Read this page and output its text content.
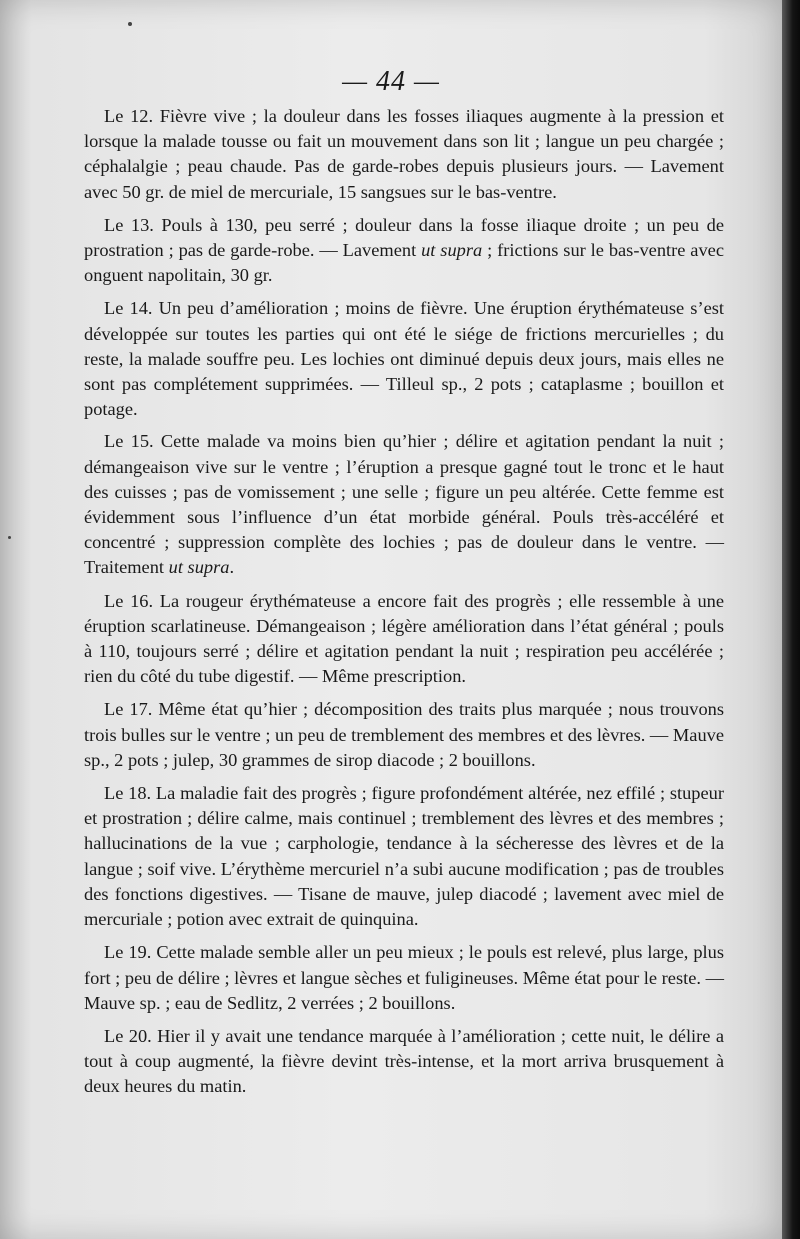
— 44 —

Le 12. Fièvre vive ; la douleur dans les fosses iliaques augmente à la pression et lorsque la malade tousse ou fait un mouvement dans son lit ; langue un peu chargée ; céphalalgie ; peau chaude. Pas de garde-robes depuis plusieurs jours. — Lavement avec 50 gr. de miel de mercuriale, 15 sangsues sur le bas-ventre.

Le 13. Pouls à 130, peu serré ; douleur dans la fosse iliaque droite ; un peu de prostration ; pas de garde-robe. — Lavement ut supra ; frictions sur le bas-ventre avec onguent napolitain, 30 gr.

Le 14. Un peu d’amélioration ; moins de fièvre. Une éruption érythémateuse s’est développée sur toutes les parties qui ont été le siége de frictions mercurielles ; du reste, la malade souffre peu. Les lochies ont diminué depuis deux jours, mais elles ne sont pas complétement supprimées. — Tilleul sp., 2 pots ; cataplasme ; bouillon et potage.

Le 15. Cette malade va moins bien qu’hier ; délire et agitation pendant la nuit ; démangeaison vive sur le ventre ; l’éruption a presque gagné tout le tronc et le haut des cuisses ; pas de vomissement ; une selle ; figure un peu altérée. Cette femme est évidemment sous l’influence d’un état morbide général. Pouls très-accéléré et concentré ; suppression complète des lochies ; pas de douleur dans le ventre. — Traitement ut supra.

Le 16. La rougeur érythémateuse a encore fait des progrès ; elle ressemble à une éruption scarlatineuse. Démangeaison ; légère amélioration dans l’état général ; pouls à 110, toujours serré ; délire et agitation pendant la nuit ; respiration peu accélérée ; rien du côté du tube digestif. — Même prescription.

Le 17. Même état qu’hier ; décomposition des traits plus marquée ; nous trouvons trois bulles sur le ventre ; un peu de tremblement des membres et des lèvres. — Mauve sp., 2 pots ; julep, 30 grammes de sirop diacode ; 2 bouillons.

Le 18. La maladie fait des progrès ; figure profondément altérée, nez effilé ; stupeur et prostration ; délire calme, mais continuel ; tremblement des lèvres et des membres ; hallucinations de la vue ; carphologie, tendance à la sécheresse des lèvres et de la langue ; soif vive. L’érythème mercuriel n’a subi aucune modification ; pas de troubles des fonctions digestives. — Tisane de mauve, julep diacodé ; lavement avec miel de mercuriale ; potion avec extrait de quinquina.

Le 19. Cette malade semble aller un peu mieux ; le pouls est relevé, plus large, plus fort ; peu de délire ; lèvres et langue sèches et fuligineuses. Même état pour le reste. — Mauve sp. ; eau de Sedlitz, 2 verrées ; 2 bouillons.

Le 20. Hier il y avait une tendance marquée à l’amélioration ; cette nuit, le délire a tout à coup augmenté, la fièvre devint très-intense, et la mort arriva brusquement à deux heures du matin.
